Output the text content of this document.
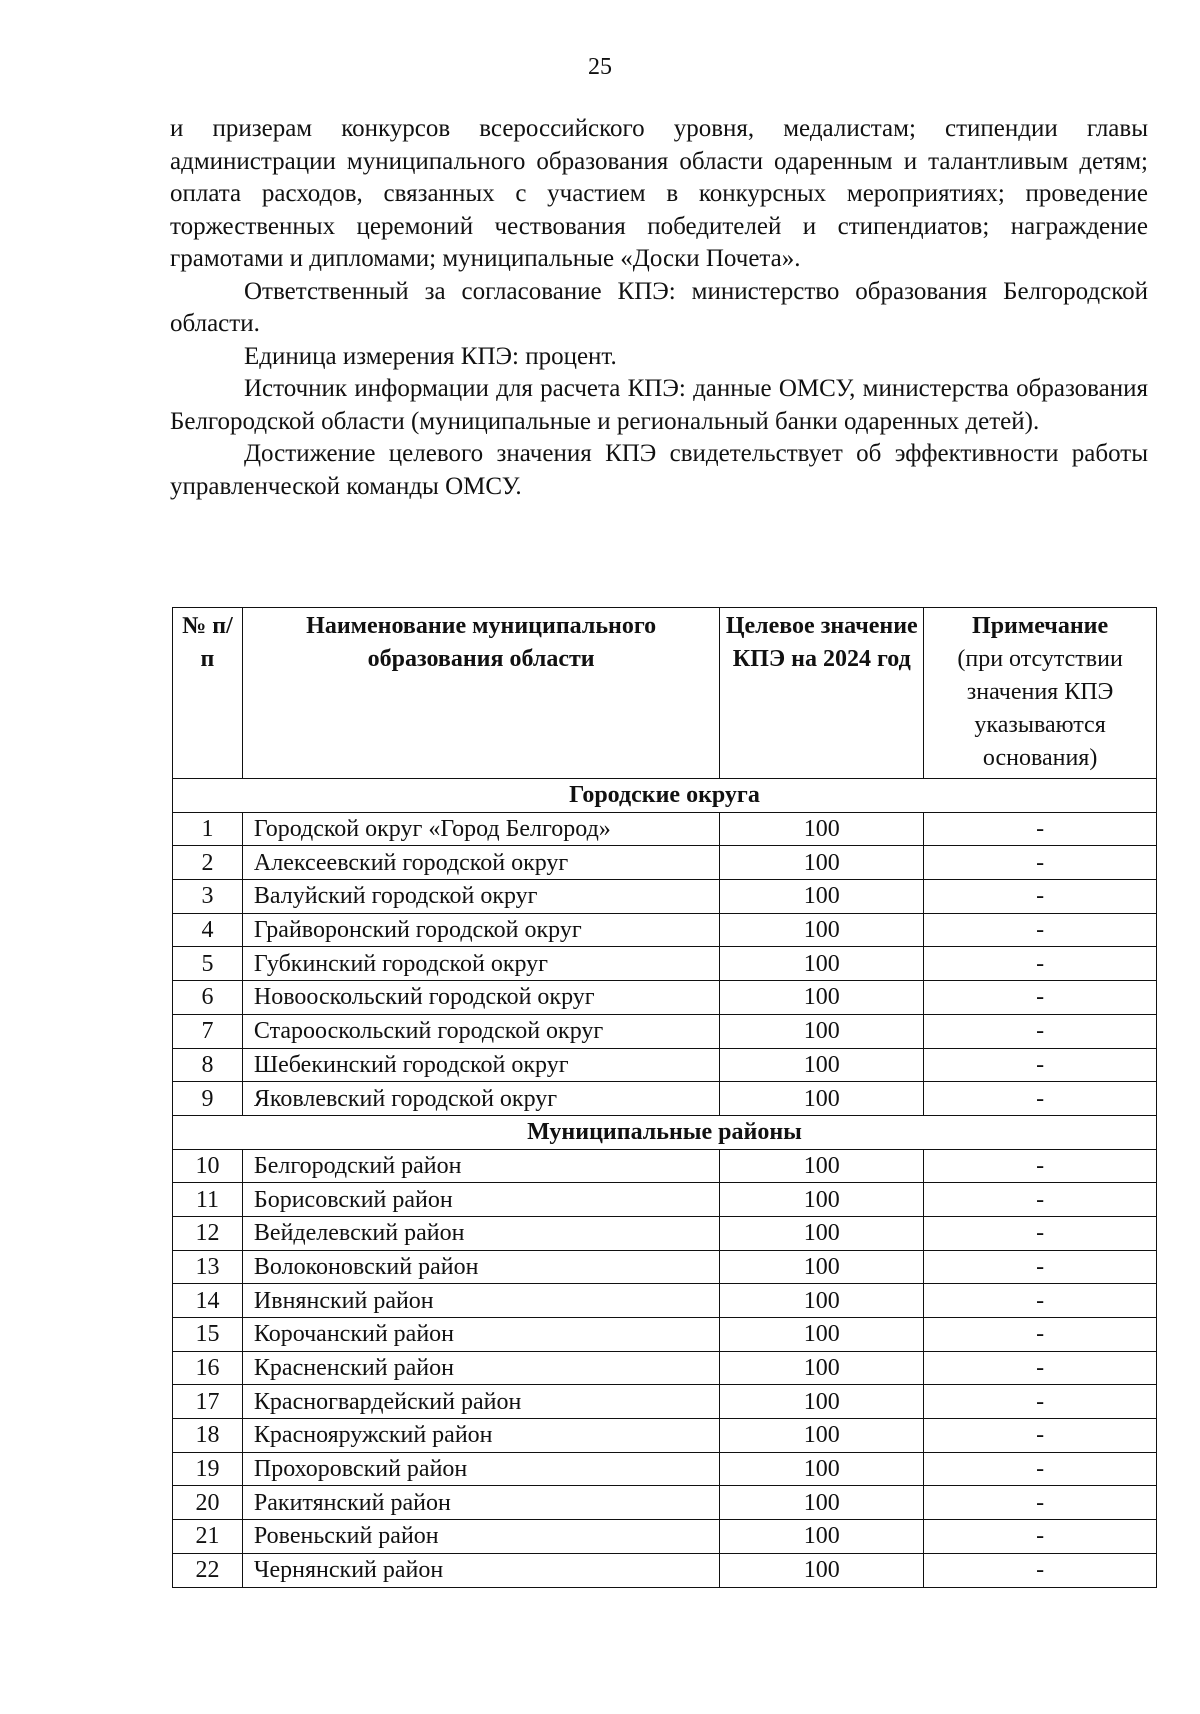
25

и призерам конкурсов всероссийского уровня, медалистам; стипендии главы администрации муниципального образования области одаренным и талантливым детям; оплата расходов, связанных с участием в конкурсных мероприятиях; проведение торжественных церемоний чествования победителей и стипендиатов; награждение грамотами и дипломами; муниципальные «Доски Почета».

Ответственный за согласование КПЭ: министерство образования Белгородской области.

Единица измерения КПЭ: процент.

Источник информации для расчета КПЭ: данные ОМСУ, министерства образования Белгородской области (муниципальные и региональный банки одаренных детей).

Достижение целевого значения КПЭ свидетельствует об эффективности работы управленческой команды ОМСУ.

№ п/п	Наименование муниципального образования области	Целевое значение КПЭ на 2024 год	Примечание
(при отсутствии значения КПЭ указываются основания)

Городские округа			
1	Городской округ «Город Белгород»	100	-
2	Алексеевский городской округ	100	-
3	Валуйский городской округ	100	-
4	Грайворонский городской округ	100	-
5	Губкинский городской округ	100	-
6	Новооскольский городской округ	100	-
7	Старооскольский городской округ	100	-
8	Шебекинский городской округ	100	-
9	Яковлевский городской округ	100	-
Муниципальные районы			
10	Белгородский район	100	-
11	Борисовский район	100	-
12	Вейделевский район	100	-
13	Волоконовский район	100	-
14	Ивнянский район	100	-
15	Корочанский район	100	-
16	Красненский район	100	-
17	Красногвардейский район	100	-
18	Краснояружский район	100	-
19	Прохоровский район	100	-
20	Ракитянский район	100	-
21	Ровеньский район	100	-
22	Чернянский район	100	-
